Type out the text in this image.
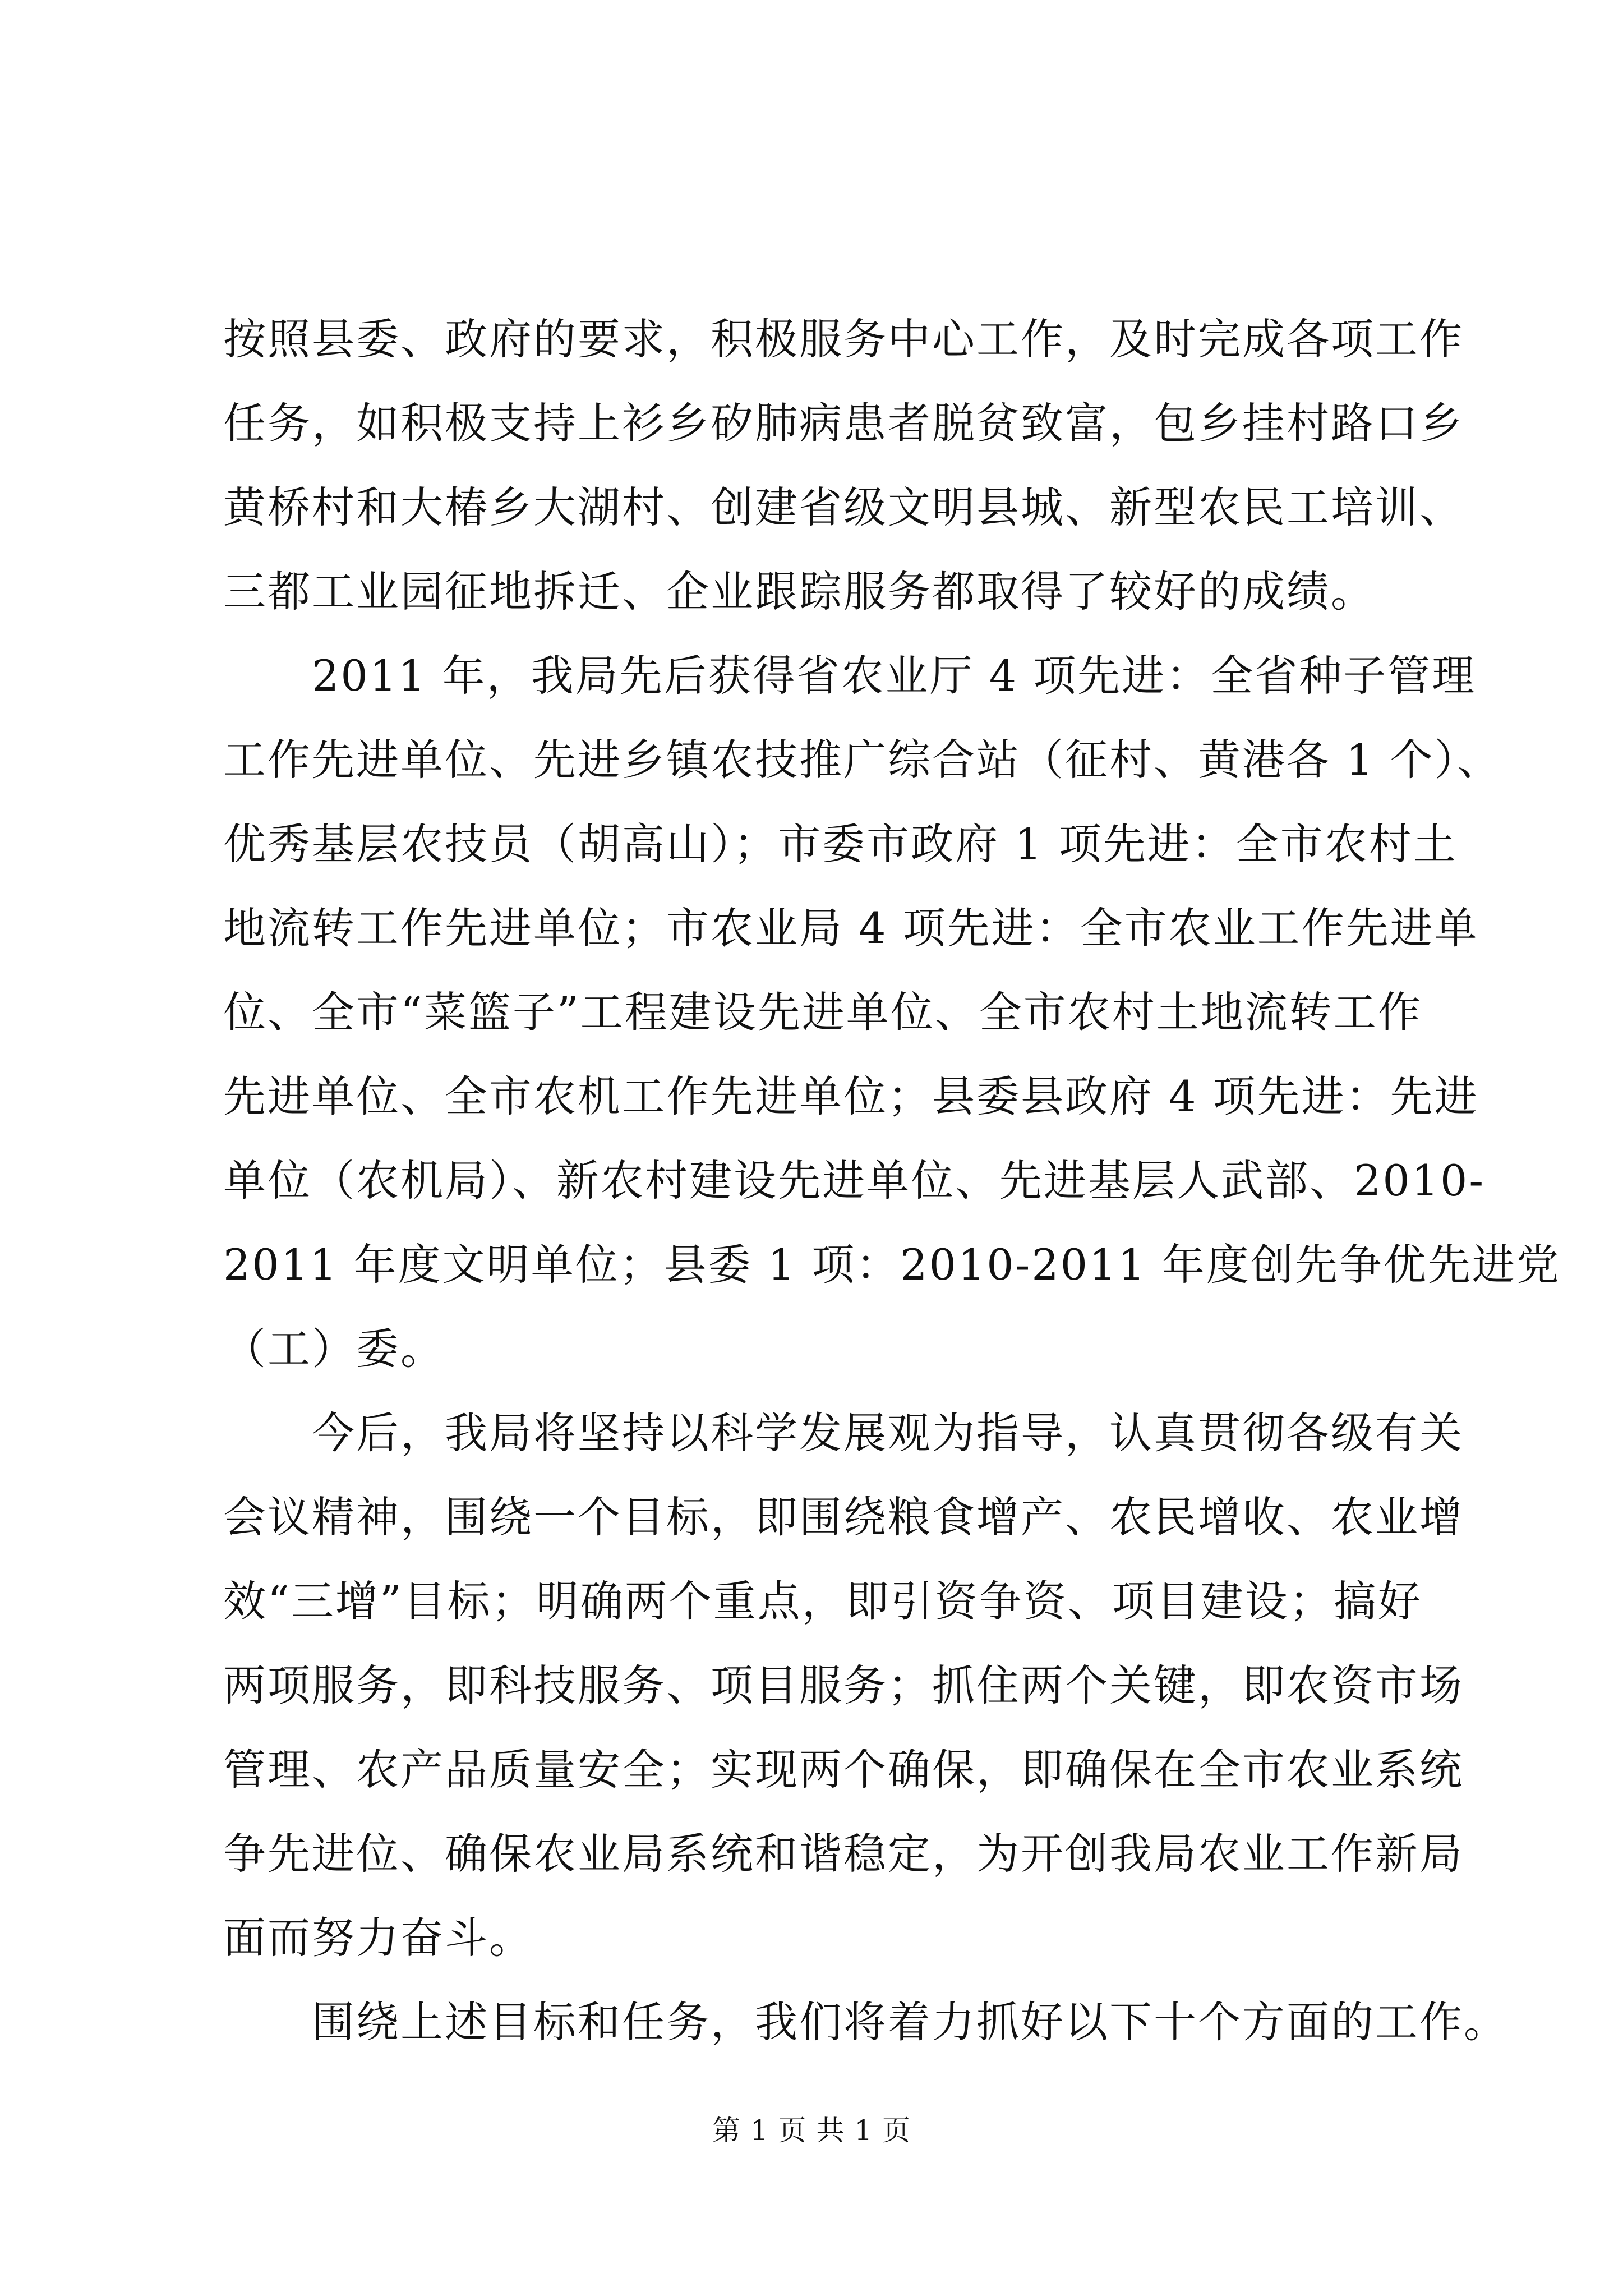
按照县委、政府的要求，积极服务中心工作，及时完成各项工作
任务，如积极支持上衫乡矽肺病患者脱贫致富，包乡挂村路口乡
黄桥村和大椿乡大湖村、创建省级文明县城、新型农民工培训、
三都工业园征地拆迁、企业跟踪服务都取得了较好的成绩。
　　2011 年，我局先后获得省农业厅 4 项先进：全省种子管理
工作先进单位、先进乡镇农技推广综合站（征村、黄港各 1 个）、
优秀基层农技员（胡高山）；市委市政府 1 项先进：全市农村土
地流转工作先进单位；市农业局 4 项先进：全市农业工作先进单
位、全市“菜篮子”工程建设先进单位、全市农村土地流转工作
先进单位、全市农机工作先进单位；县委县政府 4 项先进：先进
单位（农机局）、新农村建设先进单位、先进基层人武部、2010-
2011 年度文明单位；县委 1 项：2010-2011 年度创先争优先进党
（工）委。
　　今后，我局将坚持以科学发展观为指导，认真贯彻各级有关
会议精神，围绕一个目标，即围绕粮食增产、农民增收、农业增
效“三增”目标；明确两个重点，即引资争资、项目建设；搞好
两项服务，即科技服务、项目服务；抓住两个关键，即农资市场
管理、农产品质量安全；实现两个确保，即确保在全市农业系统
争先进位、确保农业局系统和谐稳定，为开创我局农业工作新局
面而努力奋斗。
　　围绕上述目标和任务，我们将着力抓好以下十个方面的工作。
第 1 页 共 1 页
